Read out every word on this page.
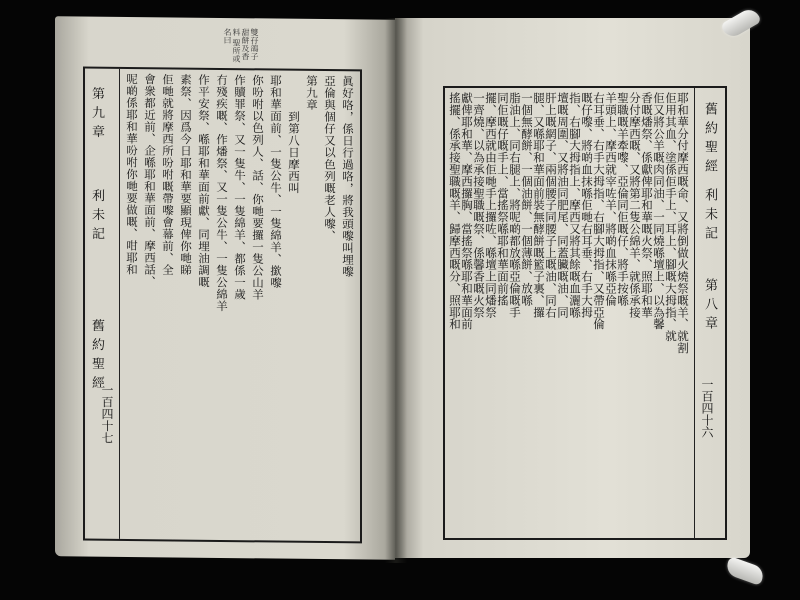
雙孖鴿子 甜餅及香料 聖所或名曰
第九章
利未記
舊約聖經
一百四十七
眞好咯，係日行過咯，將我頭嚟叫埋嚟
亞倫與個仔又以色列嘅老人嚟、
第九章
到第八日摩西叫
耶和華面前、一隻公牛、一隻綿羊、撳嚟
你吩咐以色列人、話、你哋要攞一隻公山羊
作贖罪祭、又一隻牛、一隻綿羊、都係一歲
冇殘疾嘅、作燔祭、又一隻公牛、一隻公綿羊
作平安祭、喺耶和華面前獻、同埋油調嘅
素祭、因爲今日耶和華要顯現俾你哋睇
佢哋就將摩西所吩咐嘅帶嚟會幕前、全
會衆都近前、企喺耶和華面前、摩西話、
呢啲係耶和華吩咐你哋要做嘅、咁耶和	舊約聖經
利未記
第八章
一百四十六
耶和華分付摩西嘅命、又將倒做火燒祭嘅羊、就割
佢用其血、塗係佢手上、耳上、腳嘅大拇指、就
佢又將公羊嘅肉同油、一同燒喺壇上、以為馨
香嘅燔祭、係獻俾耶和華嘅火祭、照耶和華
分付摩西嘅、又將第二隻公綿羊、就係承接
聖職嘅羊牽嚟、亞倫同佢嘅仔、將手按喺
羊頭上、摩西就宰咗羊、將啲血抹喺亞倫
右耳垂、右手大拇指、右腳大拇指、又帶亞倫
嘅仔嚟、將啲血抹喺佢哋右耳垂、右手大拇
指、右腳大拇指上、摩西又將其餘嘅血灑喺
壇嘅周圍、又將油同肥尾、同蓋臟嘅油、同
肝上嘅網子、兩個腰子同腰子上嘅油、同右
腿、又喺耶和華面前裝無酵餅嘅籃子裏、攞
一個無酵餅、一個油餅、一個薄餅、放喺
脂油上、同右腿上、將呢啲都放喺亞倫嘅手
同佢嘅仔嘅手上、當搖祭喺耶和華面前搖
擺、摩西就由佢哋手上攞咗、喺壇上同燔祭
一齊燒、以為承接聖職嘅祭、係馨香嘅火祭
獻俾耶和華、摩西攞胸、當搖祭喺耶和華面前
搖擺、係承接聖職嘅羊、歸摩西嘅分、照耶和
